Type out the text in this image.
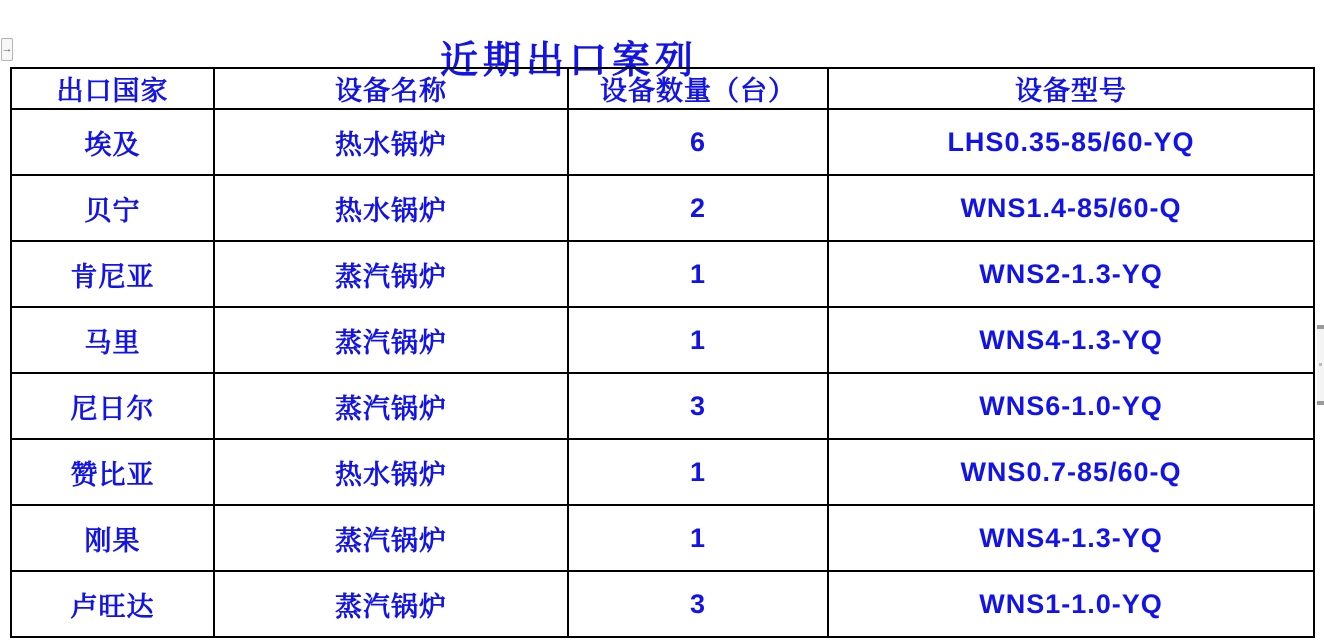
→	近期出口案列
出口国家	设备名称	设备数量（台）	设备型号
埃及	热水锅炉	6	LHS0.35-85/60-YQ
贝宁	热水锅炉	2	WNS1.4-85/60-Q
肯尼亚	蒸汽锅炉	1	WNS2-1.3-YQ
马里	蒸汽锅炉	1	WNS4-1.3-YQ
尼日尔	蒸汽锅炉	3	WNS6-1.0-YQ
赞比亚	热水锅炉	1	WNS0.7-85/60-Q
刚果	蒸汽锅炉	1	WNS4-1.3-YQ
卢旺达	蒸汽锅炉	3	WNS1-1.0-YQ
